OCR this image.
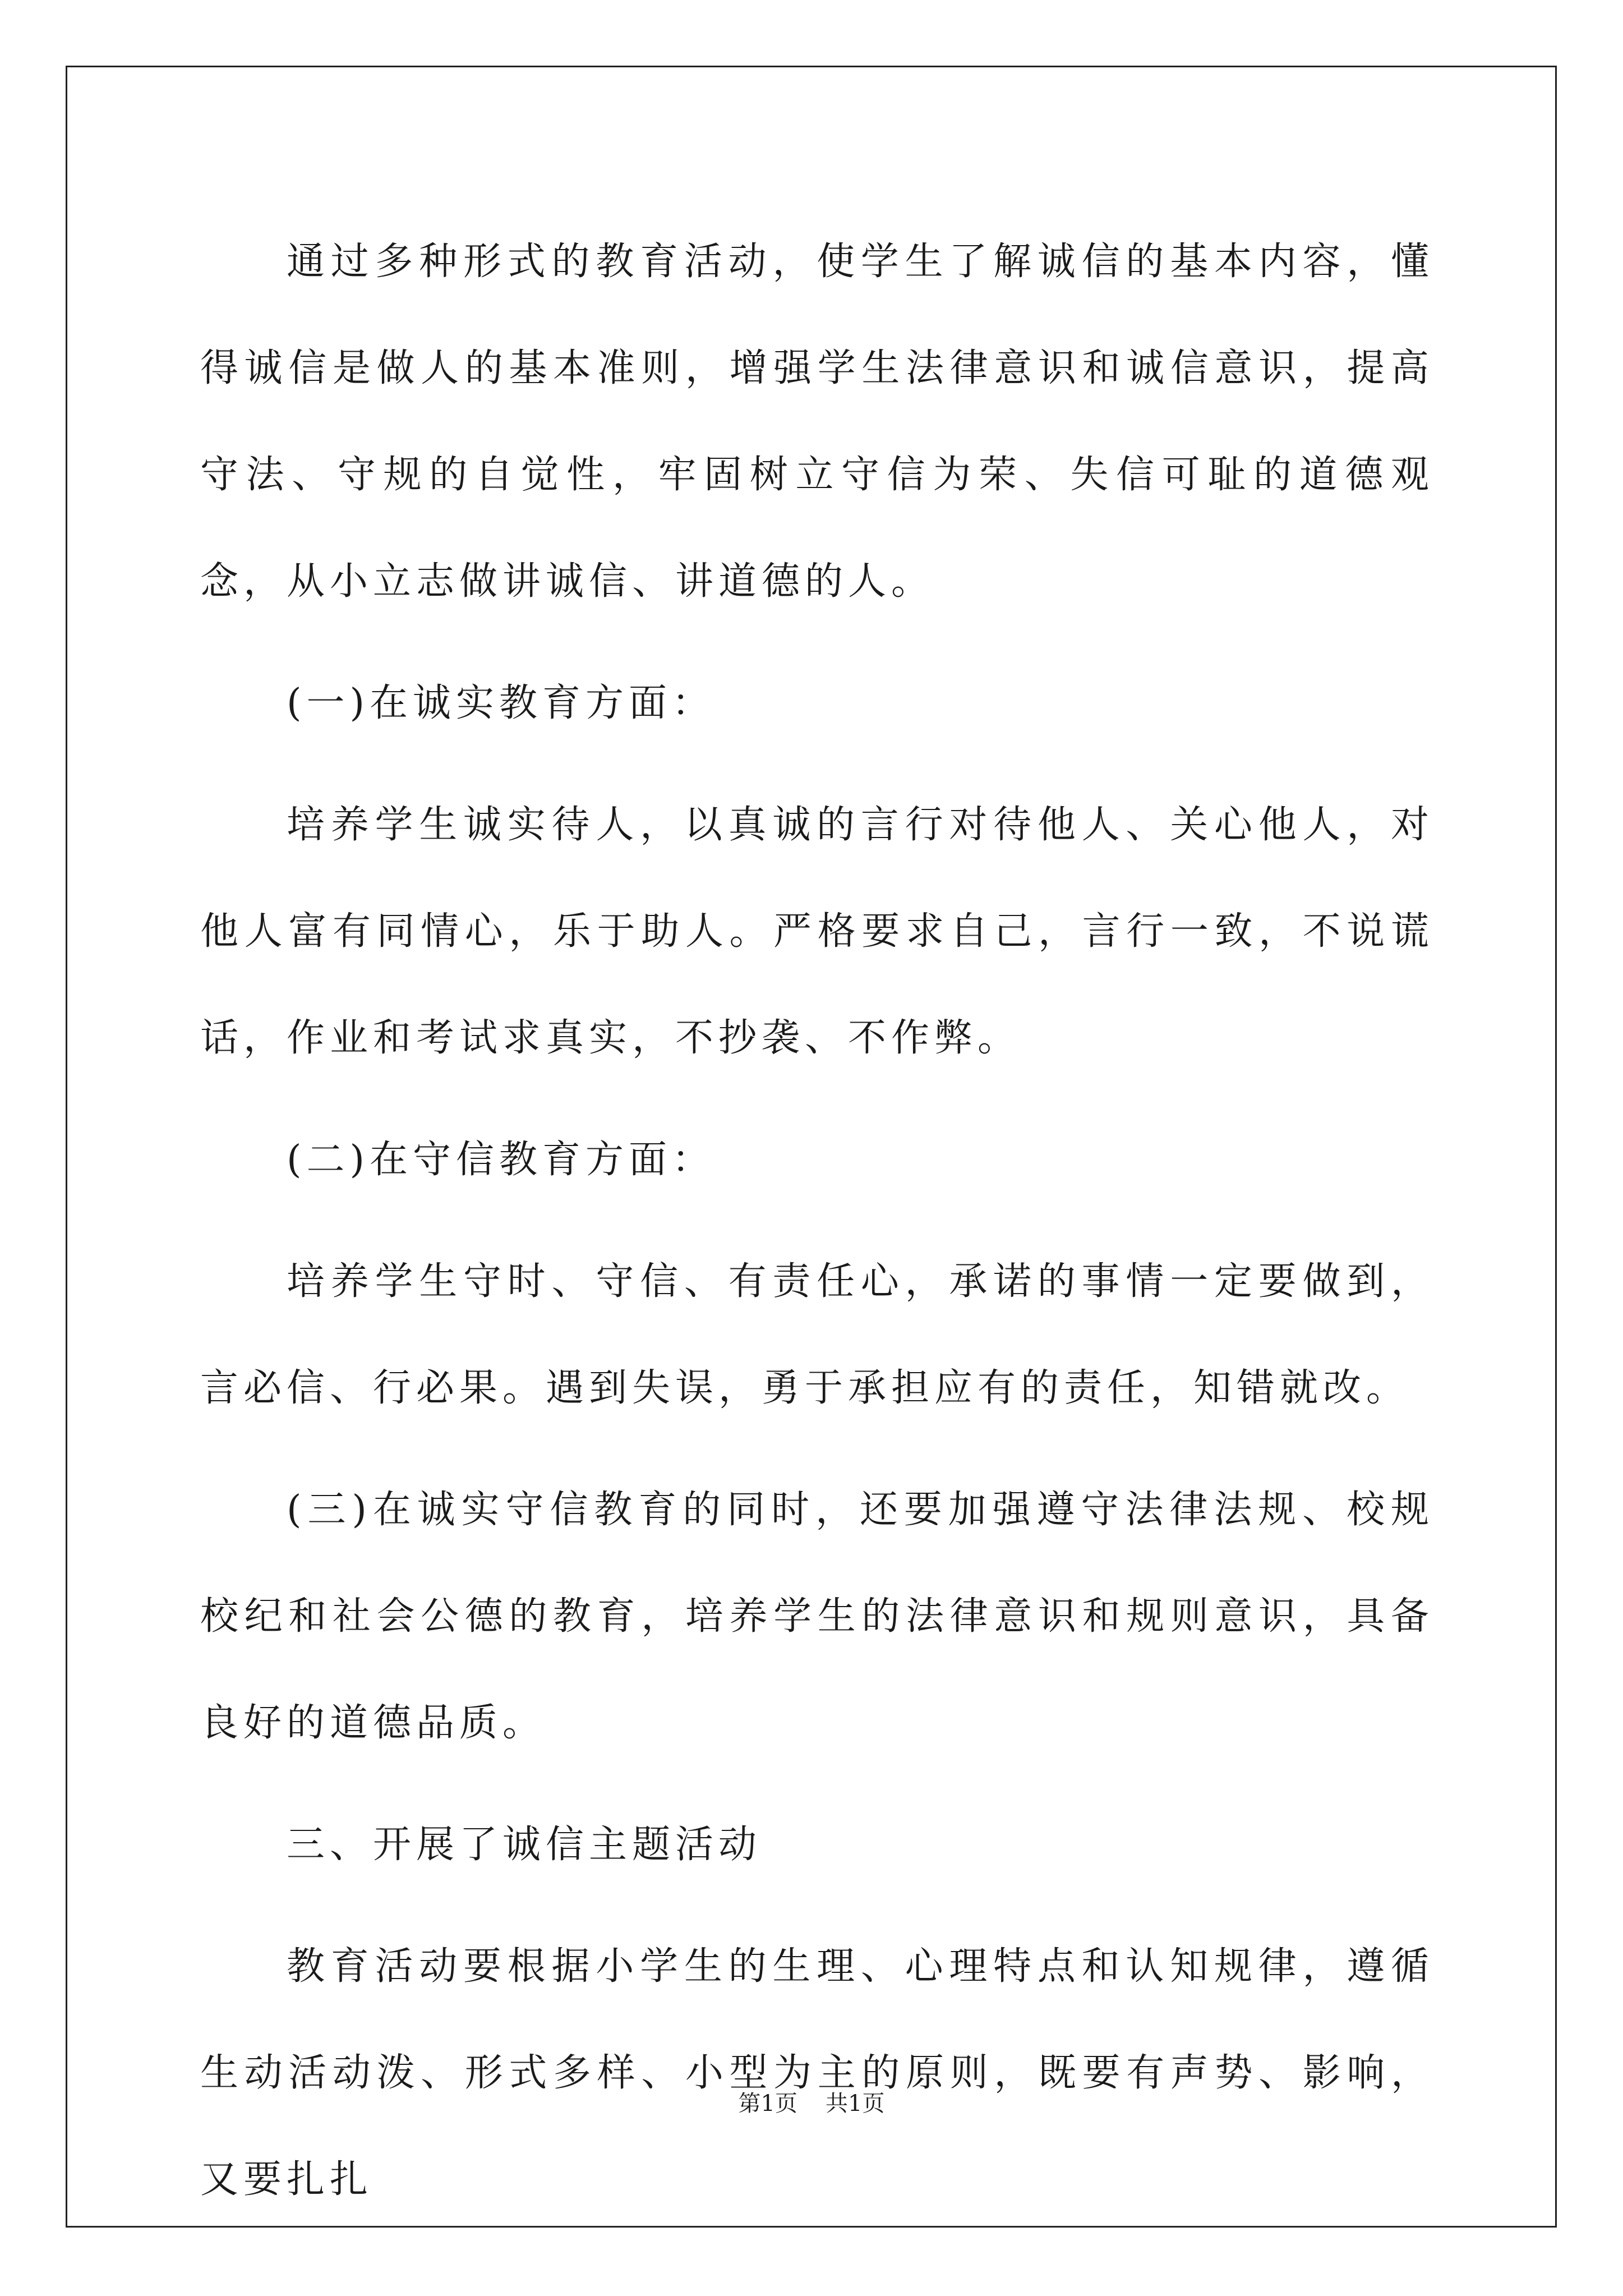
通过多种形式的教育活动，使学生了解诚信的基本内容，懂得诚信是做人的基本准则，增强学生法律意识和诚信意识，提高守法、守规的自觉性，牢固树立守信为荣、失信可耻的道德观念，从小立志做讲诚信、讲道德的人。

(一)在诚实教育方面：

培养学生诚实待人，以真诚的言行对待他人、关心他人，对他人富有同情心，乐于助人。严格要求自己，言行一致，不说谎话，作业和考试求真实，不抄袭、不作弊。

(二)在守信教育方面：

培养学生守时、守信、有责任心，承诺的事情一定要做到，言必信、行必果。遇到失误，勇于承担应有的责任，知错就改。

(三)在诚实守信教育的同时，还要加强遵守法律法规、校规校纪和社会公德的教育，培养学生的法律意识和规则意识，具备良好的道德品质。

三、开展了诚信主题活动

教育活动要根据小学生的生理、心理特点和认知规律，遵循生动活动泼、形式多样、小型为主的原则，既要有声势、影响，又要扎扎

第1页 共1页
